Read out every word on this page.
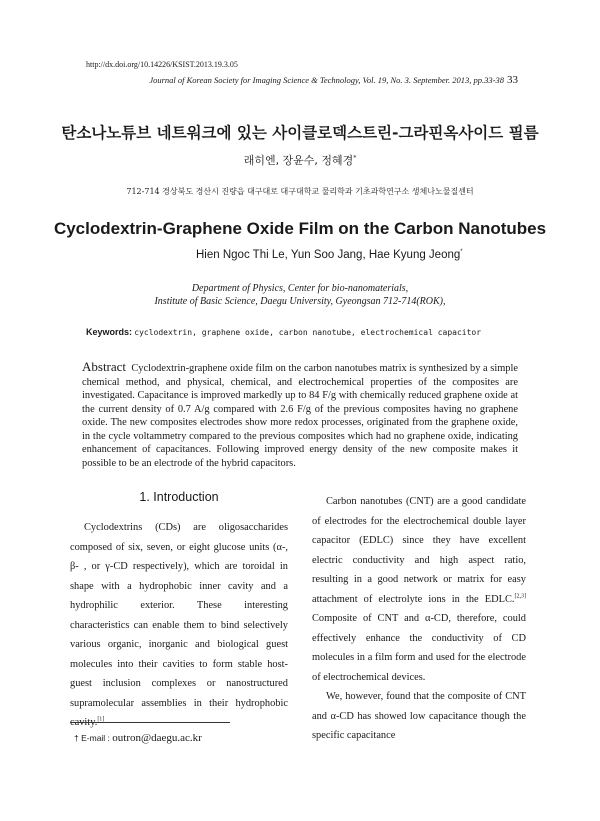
http://dx.doi.org/10.14226/KSIST.2013.19.3.05
Journal of Korean Society for Imaging Science & Technology, Vol. 19, No. 3. September. 2013, pp.33-38 33
탄소나노튜브 네트워크에 있는 사이클로덱스트린-그라핀옥사이드 필름
래히엔, 장윤수, 정혜경*
712-714 경상북도 경산시 진량읍 대구대로 대구대학교 물리학과 기초과학연구소 생체나노물질센터
Cyclodextrin-Graphene Oxide Film on the Carbon Nanotubes
Hien Ngoc Thi Le, Yun Soo Jang, Hae Kyung Jeong*
Department of Physics, Center for bio-nanomaterials,
Institute of Basic Science, Daegu University, Gyeongsan 712-714(ROK),
Keywords: cyclodextrin, graphene oxide, carbon nanotube, electrochemical capacitor
Abstract Cyclodextrin-graphene oxide film on the carbon nanotubes matrix is synthesized by a simple chemical method, and physical, chemical, and electrochemical properties of the composites are investigated. Capacitance is improved markedly up to 84 F/g with chemically reduced graphene oxide at the current density of 0.7 A/g compared with 2.6 F/g of the previous composites having no graphene oxide. The new composites electrodes show more redox processes, originated from the graphene oxide, in the cycle voltammetry compared to the previous composites which had no graphene oxide, indicating enhancement of capacitances. Following improved energy density of the new composite makes it possible to be an electrode of the hybrid capacitors.
1. Introduction

Cyclodextrins (CDs) are oligosaccharides composed of six, seven, or eight glucose units (α-, β- , or γ-CD respectively), which are toroidal in shape with a hydrophobic inner cavity and a hydrophilic exterior. These interesting characteristics can enable them to bind selectively various organic, inorganic and biological guest molecules into their cavities to form stable host-guest inclusion complexes or nanostructured supramolecular assemblies in their hydrophobic cavity.[1]

Carbon nanotubes (CNT) are a good candidate of electrodes for the electrochemical double layer capacitor (EDLC) since they have excellent electric conductivity and high aspect ratio, resulting in a good network or matrix for easy attachment of electrolyte ions in the EDLC.[2,3] Composite of CNT and α-CD, therefore, could effectively enhance the conductivity of CD molecules in a film form and used for the electrode of electrochemical devices.

We, however, found that the composite of CNT and α-CD has showed low capacitance though the specific capacitance

† E-mail : outron@daegu.ac.kr
